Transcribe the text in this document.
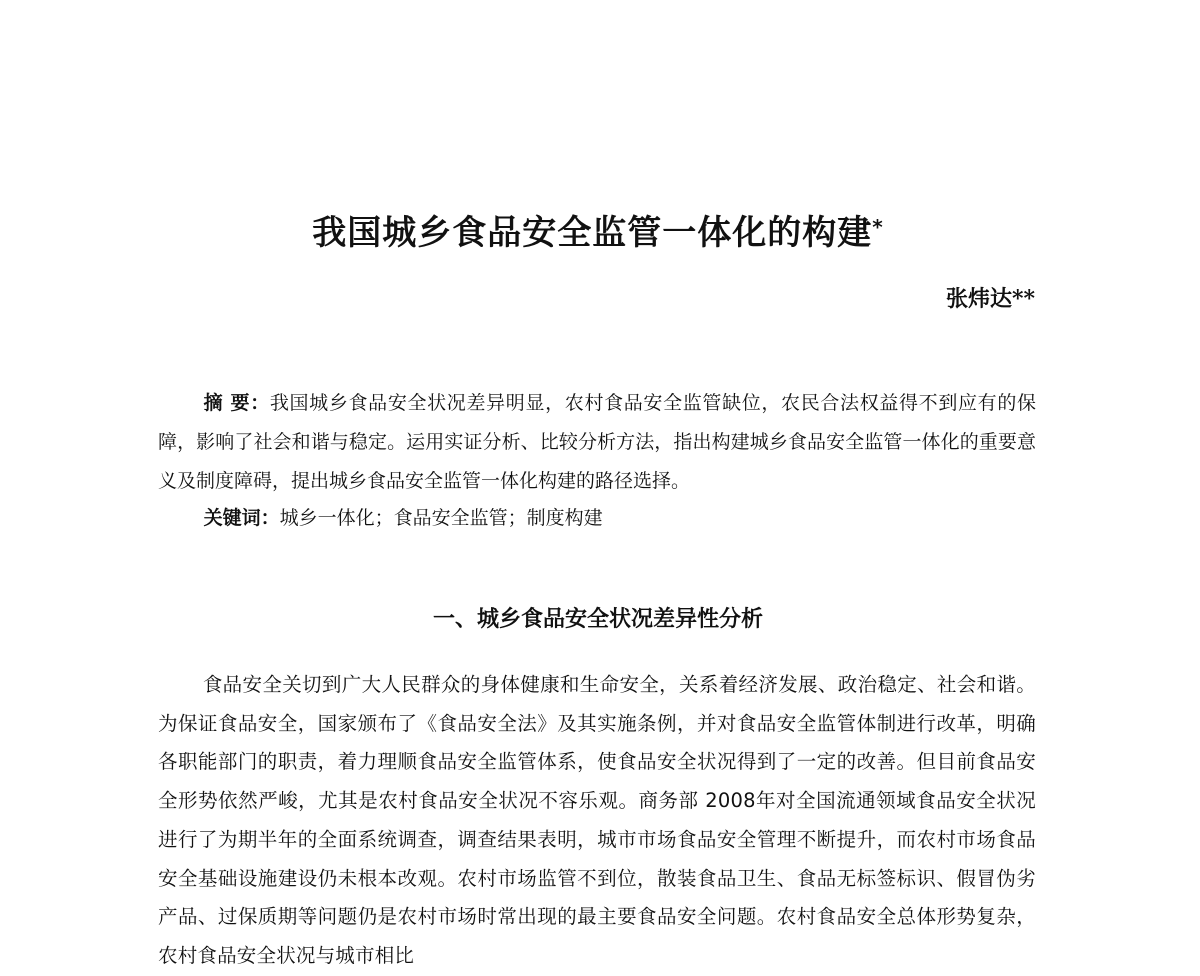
我国城乡食品安全监管一体化的构建*
张炜达**
摘 要：我国城乡食品安全状况差异明显，农村食品安全监管缺位，农民合法权益得不到应有的保障，影响了社会和谐与稳定。运用实证分析、比较分析方法，指出构建城乡食品安全监管一体化的重要意义及制度障碍，提出城乡食品安全监管一体化构建的路径选择。
关键词：城乡一体化；食品安全监管；制度构建
一、城乡食品安全状况差异性分析
食品安全关切到广大人民群众的身体健康和生命安全，关系着经济发展、政治稳定、社会和谐。为保证食品安全，国家颁布了《食品安全法》及其实施条例，并对食品安全监管体制进行改革，明确各职能部门的职责，着力理顺食品安全监管体系，使食品安全状况得到了一定的改善。但目前食品安全形势依然严峻，尤其是农村食品安全状况不容乐观。商务部 2008年对全国流通领域食品安全状况进行了为期半年的全面系统调查，调查结果表明，城市市场食品安全管理不断提升，而农村市场食品安全基础设施建设仍未根本改观。农村市场监管不到位，散装食品卫生、食品无标签标识、假冒伪劣产品、过保质期等问题仍是农村市场时常出现的最主要食品安全问题。农村食品安全总体形势复杂，农村食品安全状况与城市相比
